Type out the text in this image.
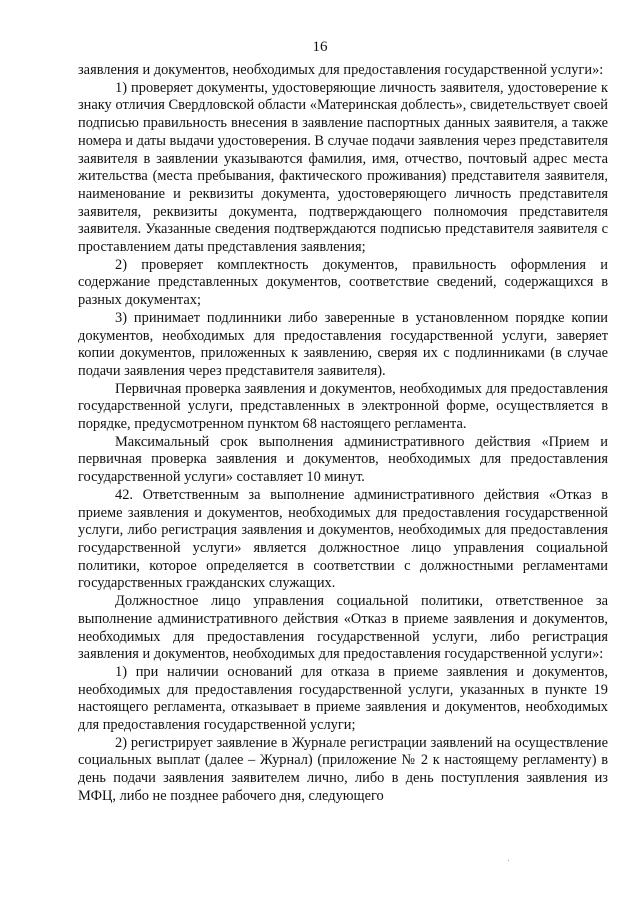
16

заявления и документов, необходимых для предоставления государственной услуги»:

1) проверяет документы, удостоверяющие личность заявителя, удостоверение к знаку отличия Свердловской области «Материнская доблесть», свидетельствует своей подписью правильность внесения в заявление паспортных данных заявителя, а также номера и даты выдачи удостоверения. В случае подачи заявления через представителя заявителя в заявлении указываются фамилия, имя, отчество, почтовый адрес места жительства (места пребывания, фактического проживания) представителя заявителя, наименование и реквизиты документа, удостоверяющего личность представителя заявителя, реквизиты документа, подтверждающего полномочия представителя заявителя. Указанные сведения подтверждаются подписью представителя заявителя с проставлением даты представления заявления;

2) проверяет комплектность документов, правильность оформления и содержание представленных документов, соответствие сведений, содержащихся в разных документах;

3) принимает подлинники либо заверенные в установленном порядке копии документов, необходимых для предоставления государственной услуги, заверяет копии документов, приложенных к заявлению, сверяя их с подлинниками (в случае подачи заявления через представителя заявителя).

Первичная проверка заявления и документов, необходимых для предоставления государственной услуги, представленных в электронной форме, осуществляется в порядке, предусмотренном пунктом 68 настоящего регламента.

Максимальный срок выполнения административного действия «Прием и первичная проверка заявления и документов, необходимых для предоставления государственной услуги» составляет 10 минут.

42. Ответственным за выполнение административного действия «Отказ в приеме заявления и документов, необходимых для предоставления государственной услуги, либо регистрация заявления и документов, необходимых для предоставления государственной услуги» является должностное лицо управления социальной политики, которое определяется в соответствии с должностными регламентами государственных гражданских служащих.

Должностное лицо управления социальной политики, ответственное за выполнение административного действия «Отказ в приеме заявления и документов, необходимых для предоставления государственной услуги, либо регистрация заявления и документов, необходимых для предоставления государственной услуги»:

1) при наличии оснований для отказа в приеме заявления и документов, необходимых для предоставления государственной услуги, указанных в пункте 19 настоящего регламента, отказывает в приеме заявления и документов, необходимых для предоставления государственной услуги;

2) регистрирует заявление в Журнале регистрации заявлений на осуществление социальных выплат (далее – Журнал) (приложение № 2 к настоящему регламенту) в день подачи заявления заявителем лично, либо в день поступления заявления из МФЦ, либо не позднее рабочего дня, следующего
